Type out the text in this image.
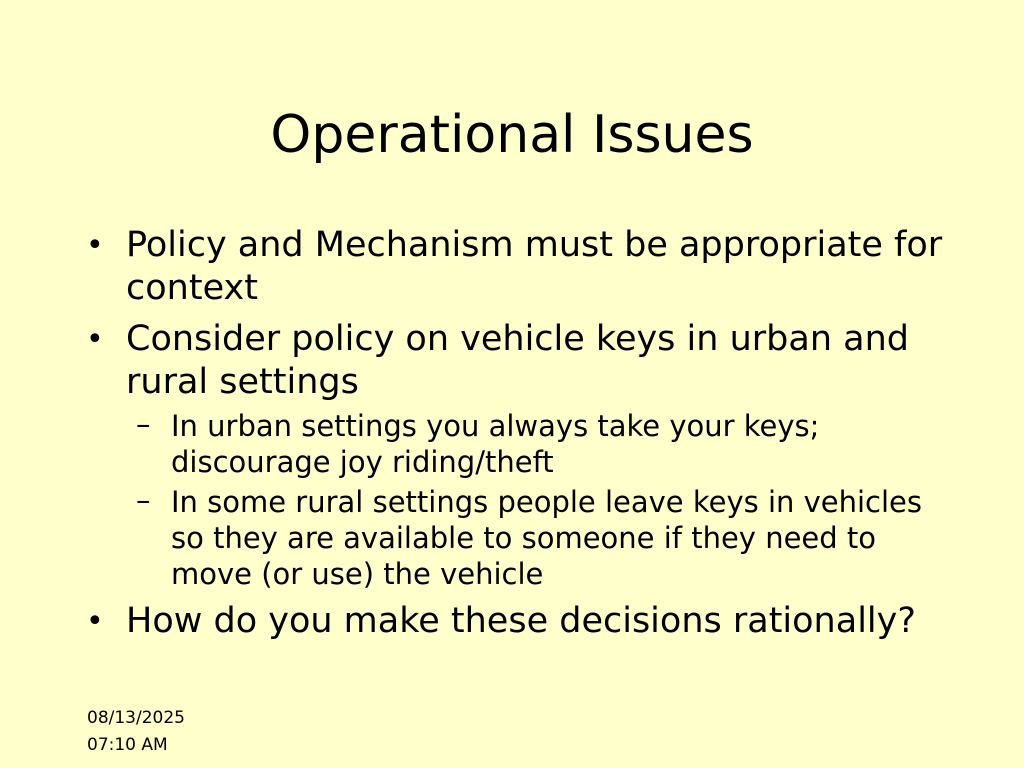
Operational Issues
• Policy and Mechanism must be appropriate for context
• Consider policy on vehicle keys in urban and rural settings
– In urban settings you always take your keys; discourage joy riding/theft
– In some rural settings people leave keys in vehicles so they are available to someone if they need to move (or use) the vehicle
• How do you make these decisions rationally?
08/13/2025
07:10 AM
